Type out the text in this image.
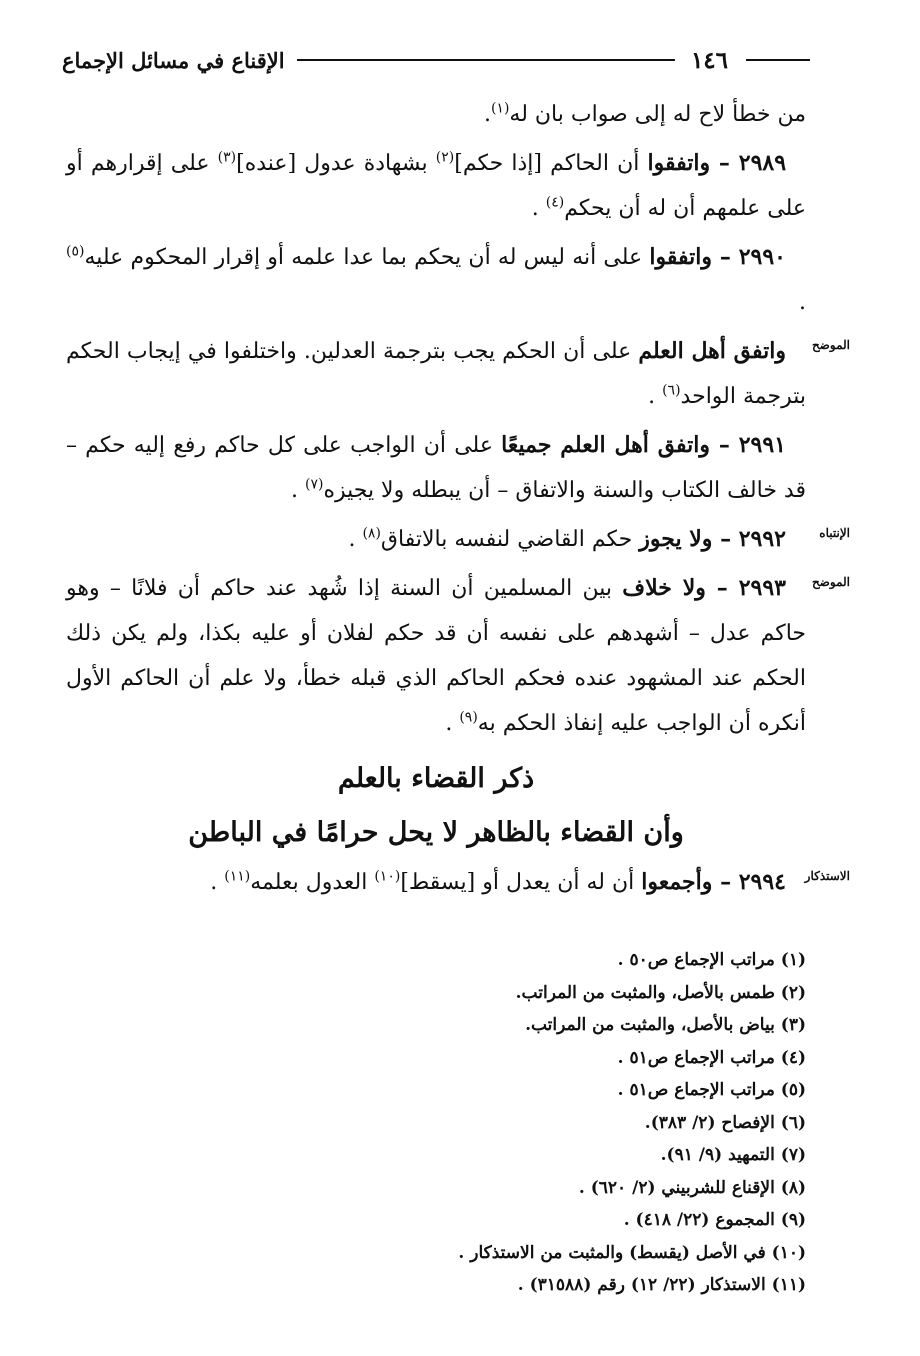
١٤٦
الإقناع في مسائل الإجماع

من خطأ لاح له إلى صواب بان له$^{(١)}$.

٢٩٨٩ – واتفقوا أن الحاكم [إذا حكم]$^{(٢)}$ بشهادة عدول [عنده]$^{(٣)}$ على إقرارهم أو على علمهم أن له أن يحكم$^{(٤)}$ .

٢٩٩٠ – واتفقوا على أنه ليس له أن يحكم بما عدا علمه أو إقرار المحكوم عليه$^{(٥)}$ .

الموضح
واتفق أهل العلم على أن الحكم يجب بترجمة العدلين. واختلفوا في إيجاب الحكم بترجمة الواحد$^{(٦)}$ .

٢٩٩١ – واتفق أهل العلم جميعًا على أن الواجب على كل حاكم رفع إليه حكم – قد خالف الكتاب والسنة والاتفاق – أن يبطله ولا يجيزه$^{(٧)}$ .

الإنتباه
٢٩٩٢ – ولا يجوز حكم القاضي لنفسه بالاتفاق$^{(٨)}$ .

الموضح
٢٩٩٣ – ولا خلاف بين المسلمين أن السنة إذا شُهد عند حاكم أن فلانًا – وهو حاكم عدل – أشهدهم على نفسه أن قد حكم لفلان أو عليه بكذا، ولم يكن ذلك الحكم عند المشهود عنده فحكم الحاكم الذي قبله خطأ، ولا علم أن الحاكم الأول أنكره أن الواجب عليه إنفاذ الحكم به$^{(٩)}$ .

ذكر القضاء بالعلم
وأن القضاء بالظاهر لا يحل حرامًا في الباطن

الاستذكار
٢٩٩٤ – وأجمعوا أن له أن يعدل أو [يسقط]$^{(١٠)}$ العدول بعلمه$^{(١١)}$ .

(١) مراتب الإجماع ص٥٠ .
(٢) طمس بالأصل، والمثبت من المراتب.
(٣) بياض بالأصل، والمثبت من المراتب.
(٤) مراتب الإجماع ص٥١ .
(٥) مراتب الإجماع ص٥١ .
(٦) الإفصاح (٢/ ٣٨٣).
(٧) التمهيد (٩/ ٩١).
(٨) الإقناع للشربيني (٢/ ٦٢٠) .
(٩) المجموع (٢٢/ ٤١٨) .
(١٠) في الأصل (يقسط) والمثبت من الاستذكار .
(١١) الاستذكار (٢٢/ ١٢) رقم (٣١٥٨٨) .
